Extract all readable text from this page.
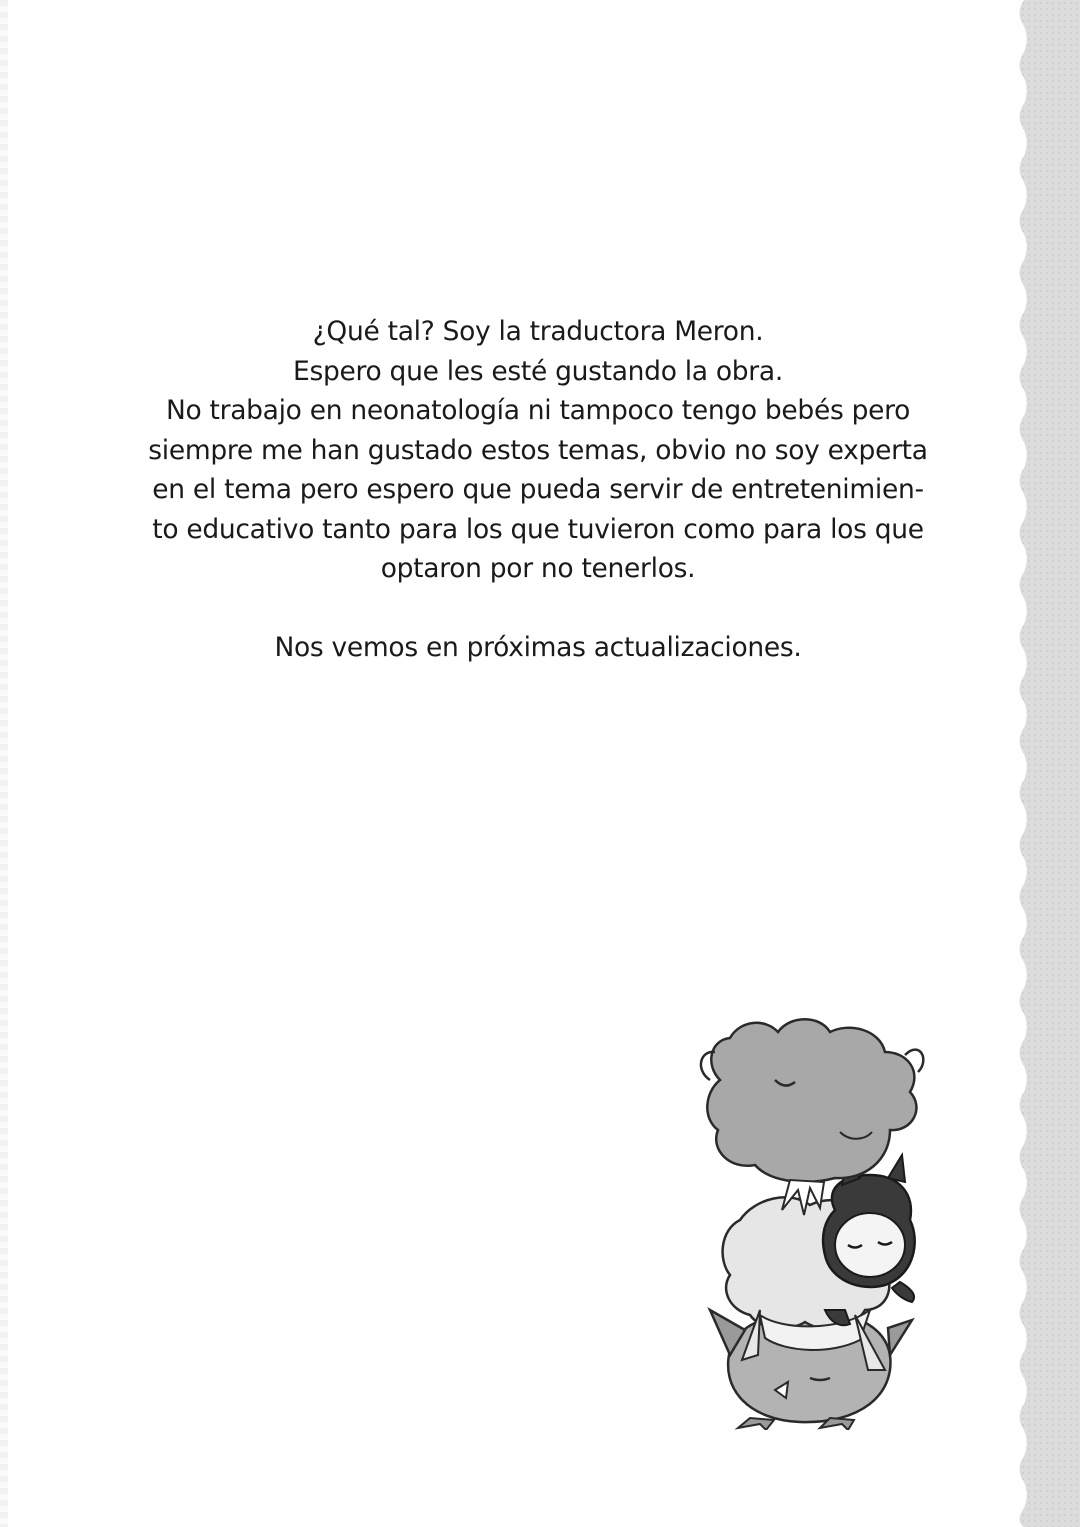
¿Qué tal? Soy la traductora Meron.
Espero que les esté gustando la obra.
No trabajo en neonatología ni tampoco tengo bebés pero
siempre me han gustado estos temas, obvio no soy experta
en el tema pero espero que pueda servir de entretenimien-
to educativo tanto para los que tuvieron como para los que
optaron por no tenerlos.

Nos vemos en próximas actualizaciones.
